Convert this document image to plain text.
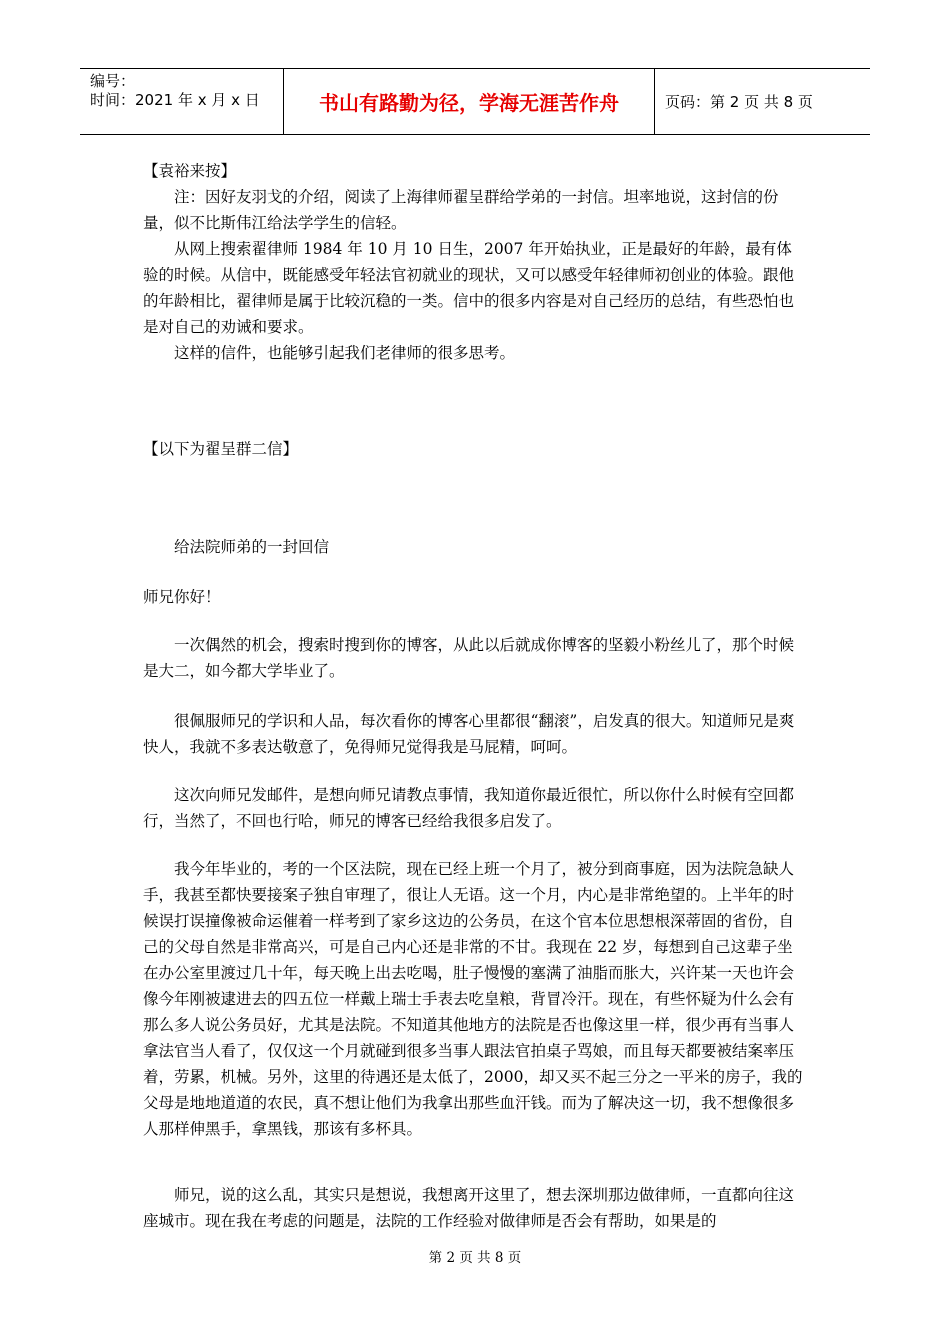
编号：
时间：2021 年 x 月 x 日	书山有路勤为径，学海无涯苦作舟	页码：第 2 页 共 8 页
【袁裕来按】
注：因好友羽戈的介绍，阅读了上海律师翟呈群给学弟的一封信。坦率地说，这封信的份量，似不比斯伟江给法学学生的信轻。
从网上搜索翟律师 1984 年 10 月 10 日生，2007 年开始执业，正是最好的年龄，最有体验的时候。从信中，既能感受年轻法官初就业的现状，又可以感受年轻律师初创业的体验。跟他的年龄相比，翟律师是属于比较沉稳的一类。信中的很多内容是对自己经历的总结，有些恐怕也是对自己的劝诫和要求。
这样的信件，也能够引起我们老律师的很多思考。
【以下为翟呈群二信】
给法院师弟的一封回信
师兄你好！
一次偶然的机会，搜索时搜到你的博客，从此以后就成你博客的坚毅小粉丝儿了，那个时候是大二，如今都大学毕业了。
很佩服师兄的学识和人品，每次看你的博客心里都很“翻滚”，启发真的很大。知道师兄是爽快人，我就不多表达敬意了，免得师兄觉得我是马屁精，呵呵。
这次向师兄发邮件，是想向师兄请教点事情，我知道你最近很忙，所以你什么时候有空回都行，当然了，不回也行哈，师兄的博客已经给我很多启发了。
我今年毕业的，考的一个区法院，现在已经上班一个月了，被分到商事庭，因为法院急缺人手，我甚至都快要接案子独自审理了，很让人无语。这一个月，内心是非常绝望的。上半年的时候误打误撞像被命运催着一样考到了家乡这边的公务员，在这个官本位思想根深蒂固的省份，自己的父母自然是非常高兴，可是自己内心还是非常的不甘。我现在 22 岁，每想到自己这辈子坐在办公室里渡过几十年，每天晚上出去吃喝，肚子慢慢的塞满了油脂而胀大，兴许某一天也许会像今年刚被逮进去的四五位一样戴上瑞士手表去吃皇粮，背冒冷汗。现在，有些怀疑为什么会有那么多人说公务员好，尤其是法院。不知道其他地方的法院是否也像这里一样，很少再有当事人拿法官当人看了，仅仅这一个月就碰到很多当事人跟法官拍桌子骂娘，而且每天都要被结案率压着，劳累，机械。另外，这里的待遇还是太低了，2000，却又买不起三分之一平米的房子，我的父母是地地道道的农民，真不想让他们为我拿出那些血汗钱。而为了解决这一切，我不想像很多人那样伸黑手，拿黑钱，那该有多杯具。
师兄，说的这么乱，其实只是想说，我想离开这里了，想去深圳那边做律师，一直都向往这座城市。现在我在考虑的问题是，法院的工作经验对做律师是否会有帮助，如果是的
第 2 页 共 8 页
